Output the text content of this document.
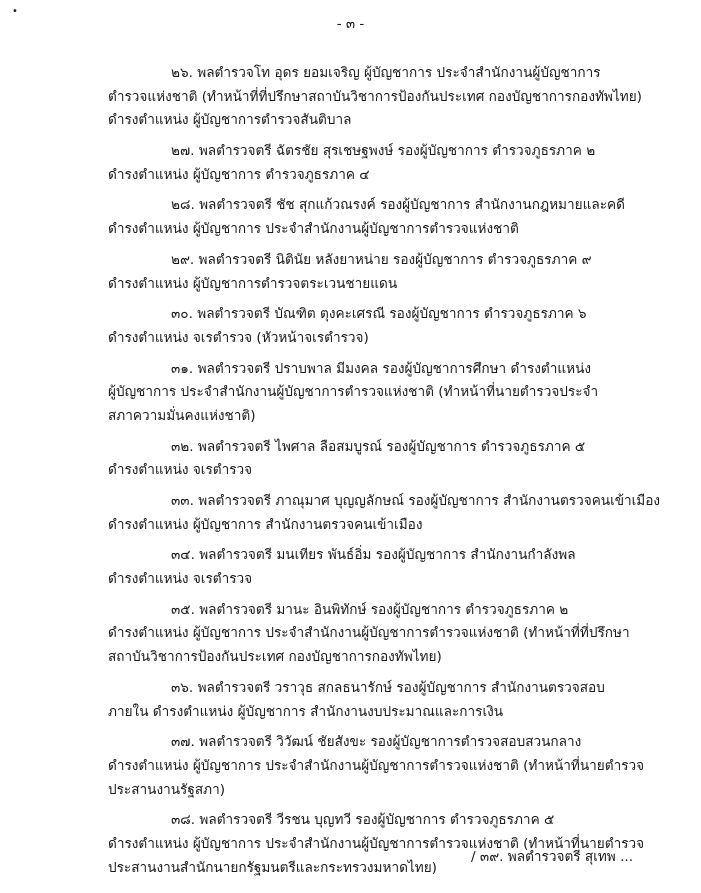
•
- ๓ -
๒๖. พลตำรวจโท อุดร ยอมเจริญ ผู้บัญชาการ ประจำสำนักงานผู้บัญชาการ
ตำรวจแห่งชาติ (ทำหน้าที่ที่ปรึกษาสถาบันวิชาการป้องกันประเทศ กองบัญชาการกองทัพไทย)
ดำรงตำแหน่ง ผู้บัญชาการตำรวจสันติบาล
๒๗. พลตำรวจตรี ฉัตรชัย สุรเชษฐพงษ์ รองผู้บัญชาการ ตำรวจภูธรภาค ๒
ดำรงตำแหน่ง ผู้บัญชาการ ตำรวจภูธรภาค ๔
๒๘. พลตำรวจตรี ชัช สุกแก้วณรงค์ รองผู้บัญชาการ สำนักงานกฎหมายและคดี
ดำรงตำแหน่ง ผู้บัญชาการ ประจำสำนักงานผู้บัญชาการตำรวจแห่งชาติ
๒๙. พลตำรวจตรี นิตินัย หลังยาหน่าย รองผู้บัญชาการ ตำรวจภูธรภาค ๙
ดำรงตำแหน่ง ผู้บัญชาการตำรวจตระเวนชายแดน
๓๐. พลตำรวจตรี บัณฑิต ตุงคะเศรณี รองผู้บัญชาการ ตำรวจภูธรภาค ๖
ดำรงตำแหน่ง จเรตำรวจ (หัวหน้าจเรตำรวจ)
๓๑. พลตำรวจตรี ปราบพาล มีมงคล รองผู้บัญชาการศึกษา ดำรงตำแหน่ง
ผู้บัญชาการ ประจำสำนักงานผู้บัญชาการตำรวจแห่งชาติ (ทำหน้าที่นายตำรวจประจำ
สภาความมั่นคงแห่งชาติ)
๓๒. พลตำรวจตรี ไพศาล ลือสมบูรณ์ รองผู้บัญชาการ ตำรวจภูธรภาค ๕
ดำรงตำแหน่ง จเรตำรวจ
๓๓. พลตำรวจตรี ภาณุมาศ บุญญลักษณ์ รองผู้บัญชาการ สำนักงานตรวจคนเข้าเมือง
ดำรงตำแหน่ง ผู้บัญชาการ สำนักงานตรวจคนเข้าเมือง
๓๔. พลตำรวจตรี มนเทียร พันธ์อิ่ม รองผู้บัญชาการ สำนักงานกำลังพล
ดำรงตำแหน่ง จเรตำรวจ
๓๕. พลตำรวจตรี มานะ อินพิทักษ์ รองผู้บัญชาการ ตำรวจภูธรภาค ๒
ดำรงตำแหน่ง ผู้บัญชาการ ประจำสำนักงานผู้บัญชาการตำรวจแห่งชาติ (ทำหน้าที่ที่ปรึกษา
สถาบันวิชาการป้องกันประเทศ กองบัญชาการกองทัพไทย)
๓๖. พลตำรวจตรี วราวุธ สกลธนารักษ์ รองผู้บัญชาการ สำนักงานตรวจสอบ
ภายใน ดำรงตำแหน่ง ผู้บัญชาการ สำนักงานงบประมาณและการเงิน
๓๗. พลตำรวจตรี วิวัฒน์ ชัยสังขะ รองผู้บัญชาการตำรวจสอบสวนกลาง
ดำรงตำแหน่ง ผู้บัญชาการ ประจำสำนักงานผู้บัญชาการตำรวจแห่งชาติ (ทำหน้าที่นายตำรวจ
ประสานงานรัฐสภา)
๓๘. พลตำรวจตรี วีรชน บุญทวี รองผู้บัญชาการ ตำรวจภูธรภาค ๕
ดำรงตำแหน่ง ผู้บัญชาการ ประจำสำนักงานผู้บัญชาการตำรวจแห่งชาติ (ทำหน้าที่นายตำรวจ
ประสานงานสำนักนายกรัฐมนตรีและกระทรวงมหาดไทย)
/ ๓๙. พลตำรวจตรี สุเทพ ...
